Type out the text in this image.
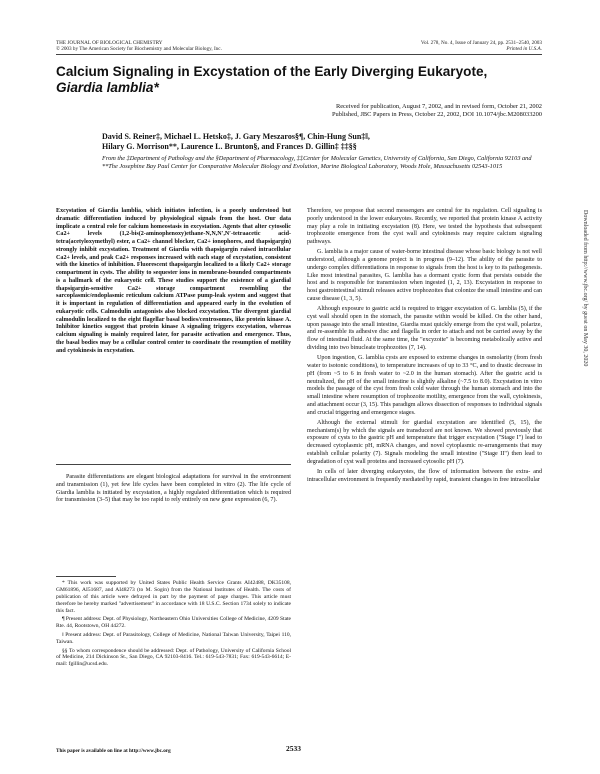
THE JOURNAL OF BIOLOGICAL CHEMISTRY
© 2003 by The American Society for Biochemistry and Molecular Biology, Inc.
Vol. 278, No. 4, Issue of January 24, pp. 2531–2540, 2003
Printed in U.S.A.
Calcium Signaling in Excystation of the Early Diverging Eukaryote,
Giardia lamblia*
Received for publication, August 7, 2002, and in revised form, October 21, 2002
Published, JBC Papers in Press, October 22, 2002, DOI 10.1074/jbc.M208033200
David S. Reiner‡, Michael L. Hetsko‡, J. Gary Meszaros§¶, Chin-Hung Sun‡‖,
Hilary G. Morrison**, Laurence L. Brunton§, and Frances D. Gillin‡ ‡‡§§
From the ‡Department of Pathology and the §Department of Pharmacology, ‡‡Center for Molecular Genetics, University of California, San Diego, California 92103 and **The Josephine Bay Paul Center for Comparative Molecular Biology and Evolution, Marine Biological Laboratory, Woods Hole, Massachusetts 02543-1015
Excystation of Giardia lamblia, which initiates infection, is a poorly understood but dramatic differentiation induced by physiological signals from the host. Our data implicate a central role for calcium homeostasis in excystation. Agents that alter cytosolic Ca2+ levels (1,2-bis(2-aminophenoxy)ethane-N,N,N′,N′-tetraacetic acid-tetra(acetyloxymethyl) ester, a Ca2+ channel blocker, Ca2+ ionophores, and thapsigargin) strongly inhibit excystation. Treatment of Giardia with thapsigargin raised intracellular Ca2+ levels, and peak Ca2+ responses increased with each stage of excystation, consistent with the kinetics of inhibition. Fluorescent thapsigargin localized to a likely Ca2+ storage compartment in cysts. The ability to sequester ions in membrane-bounded compartments is a hallmark of the eukaryotic cell. These studies support the existence of a giardial thapsigargin-sensitive Ca2+ storage compartment resembling the sarcoplasmic/endoplasmic reticulum calcium ATPase pump-leak system and suggest that it is important in regulation of differentiation and appeared early in the evolution of eukaryotic cells. Calmodulin antagonists also blocked excystation. The divergent giardial calmodulin localized to the eight flagellar basal bodies/centrosomes, like protein kinase A. Inhibitor kinetics suggest that protein kinase A signaling triggers excystation, whereas calcium signaling is mainly required later, for parasite activation and emergence. Thus, the basal bodies may be a cellular control center to coordinate the resumption of motility and cytokinesis in excystation.
Parasite differentiations are elegant biological adaptations for survival in the environment and transmission (1), yet few life cycles have been completed in vitro (2). The life cycle of Giardia lamblia is initiated by excystation, a highly regulated differentiation which is required for transmission (3–5) that may be too rapid to rely entirely on new gene expression (6, 7).

* This work was supported by United States Public Health Service Grants AI42488, DK35108, GM61896, AI51687, and AI48273 (to M. Sogin) from the National Institutes of Health. The costs of publication of this article were defrayed in part by the payment of page charges. This article must therefore be hereby marked "advertisement" in accordance with 18 U.S.C. Section 1734 solely to indicate this fact.

¶ Present address: Dept. of Physiology, Northeastern Ohio Universities College of Medicine, 4209 State Rte. 44, Rootstown, OH 44272.

‖ Present address: Dept. of Parasitology, College of Medicine, National Taiwan University, Taipei 110, Taiwan.

§§ To whom correspondence should be addressed: Dept. of Pathology, University of California School of Medicine, 214 Dickinson St., San Diego, CA 92103-8416. Tel.: 619-543-7831; Fax: 619-543-6614; E-mail: fgillin@ucsd.edu.

Therefore, we propose that second messengers are central for its regulation. Cell signaling is poorly understood in the lower eukaryotes. Recently, we reported that protein kinase A activity may play a role in initiating excystation (8). Here, we tested the hypothesis that subsequent trophozoite emergence from the cyst wall and cytokinesis may require calcium signaling pathways.

G. lamblia is a major cause of water-borne intestinal disease whose basic biology is not well understood, although a genome project is in progress (9–12). The ability of the parasite to undergo complex differentiations in response to signals from the host is key to its pathogenesis. Like most intestinal parasites, G. lamblia has a dormant cystic form that persists outside the host and is responsible for transmission when ingested (1, 2, 13). Excystation in response to host gastrointestinal stimuli releases active trophozoites that colonize the small intestine and can cause disease (1, 3, 5).

Although exposure to gastric acid is required to trigger excystation of G. lamblia (5), if the cyst wall should open in the stomach, the parasite within would be killed. On the other hand, upon passage into the small intestine, Giardia must quickly emerge from the cyst wall, polarize, and re-assemble its adhesive disc and flagella in order to attach and not be carried away by the flow of intestinal fluid. At the same time, the "excyzoite" is becoming metabolically active and dividing into two binucleate trophozoites (7, 14).

Upon ingestion, G. lamblia cysts are exposed to extreme changes in osmolarity (from fresh water to isotonic conditions), to temperature increases of up to 33 °C, and to drastic decrease in pH (from ~5 to 6 in fresh water to ~2.0 in the human stomach). After the gastric acid is neutralized, the pH of the small intestine is slightly alkaline (~7.5 to 8.0). Excystation in vitro models the passage of the cyst from fresh cold water through the human stomach and into the small intestine where resumption of trophozoite motility, emergence from the wall, cytokinesis, and attachment occur (3, 15). This paradigm allows dissection of responses to individual signals and crucial triggering and emergence stages.

Although the external stimuli for giardial excystation are identified (5, 15), the mechanism(s) by which the signals are transduced are not known. We showed previously that exposure of cysts to the gastric pH and temperature that trigger excystation ("Stage I") lead to decreased cytoplasmic pH, mRNA changes, and novel cytoplasmic re-arrangements that may establish cellular polarity (7). Signals modeling the small intestine ("Stage II") then lead to degradation of cyst wall proteins and increased cytosolic pH (7).

In cells of later diverging eukaryotes, the flow of information between the extra- and intracellular environment is frequently mediated by rapid, transient changes in free intracellular

This paper is available on line at http://www.jbc.org	2533
Downloaded from http://www.jbc.org/ by guest on May 30, 2020
